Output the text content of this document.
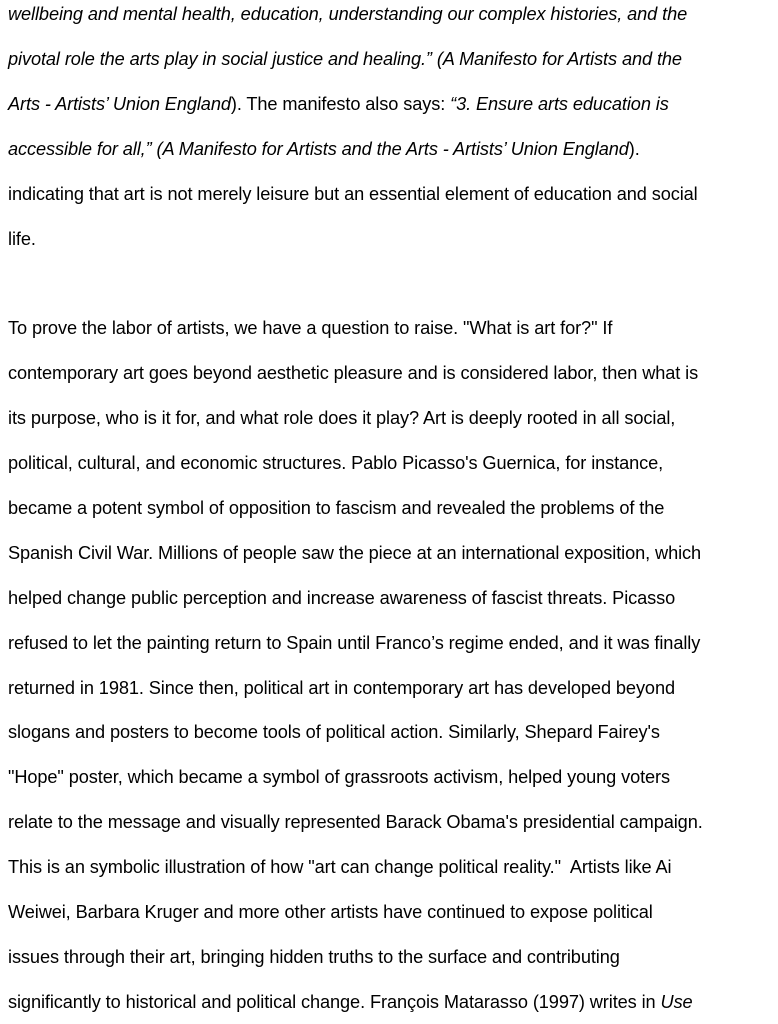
wellbeing and mental health, education, understanding our complex histories, and the
pivotal role the arts play in social justice and healing.” (A Manifesto for Artists and the
Arts - Artists’ Union England). The manifesto also says: “3. Ensure arts education is
accessible for all,” (A Manifesto for Artists and the Arts - Artists’ Union England).
indicating that art is not merely leisure but an essential element of education and social
life.
To prove the labor of artists, we have a question to raise. "What is art for?" If
contemporary art goes beyond aesthetic pleasure and is considered labor, then what is
its purpose, who is it for, and what role does it play? Art is deeply rooted in all social,
political, cultural, and economic structures. Pablo Picasso's Guernica, for instance,
became a potent symbol of opposition to fascism and revealed the problems of the
Spanish Civil War. Millions of people saw the piece at an international exposition, which
helped change public perception and increase awareness of fascist threats. Picasso
refused to let the painting return to Spain until Franco’s regime ended, and it was finally
returned in 1981. Since then, political art in contemporary art has developed beyond
slogans and posters to become tools of political action. Similarly, Shepard Fairey's
"Hope" poster, which became a symbol of grassroots activism, helped young voters
relate to the message and visually represented Barack Obama's presidential campaign.
This is an symbolic illustration of how "art can change political reality."  Artists like Ai
Weiwei, Barbara Kruger and more other artists have continued to expose political
issues through their art, bringing hidden truths to the surface and contributing
significantly to historical and political change. François Matarasso (1997) writes in Use
